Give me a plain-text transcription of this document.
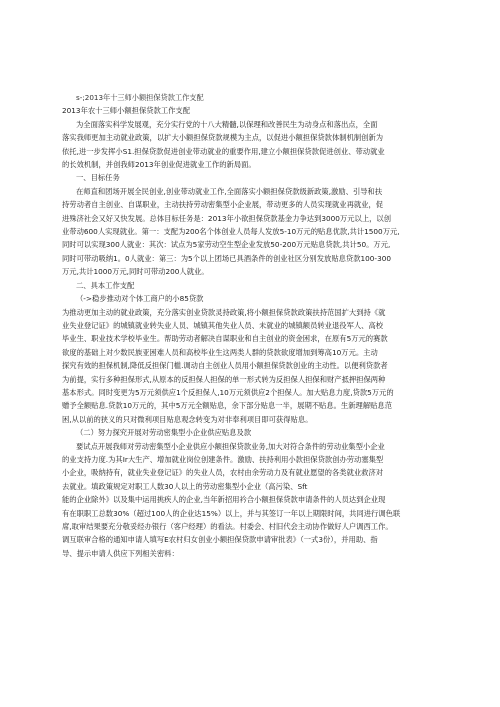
s-;2013年十三师小额担保贷款工作支配
2013年农十三师小额担保贷款工作支配
为全面落实科学发展观，充分实行党的十八大精髓,以保理和改善民生为动身点和落出点，全面
落实我师更加主动就业政策，以扩大小额担保贷款规模为主点，以促进小额担保贷款体制机制创新为
依托,进一步发挥小S1.担保贷款促进创业带动就业的重要作用,建立小额担保贷款促进创业、带动就业
的长效机制，并创我师2013年创业促进就业工作的新局面。
一、目标任务
在师直和团场开展全民创业,创业带动就业工作,全面落实小额担保贷款级新政策,激励、引导和扶
持劳动者自主创业、自谋职业，主动扶持劳动密集型小企业展，带动更多的人员实现就业再就业，促
进殊济社会又好又快发展。总体目标任务是：2013年小欲担保贷款基金力争达到3000万元以上，以创
业带动600人实现就业。第一：支配为200名个体创业人员每人发放5-10万元的贴息优款,共计1500万元,
同时可以实现300人就业：其次：试点为5家劳动空生型企业发放50-200万元贴息贷款,共计50。万元,
同时可带动吸纳1。0人就业：第三：为5个以上团场已具酒条件的创业社区分别发放贴息贷款100-300
万元,共计1000万元,同时可带动200人就业。
二、具本工作支配
（->稳步推动对个体工商户的小85贷款
为推动更加主动的就业政策，充分落实创业贷款灵持政策,将小额担保贷款政策扶持范国扩大到持《就
业失业登记证》的城镇就业转失业人员、城镇其他失业人员、未就业的城镇额员转业退役军人、高校
毕业生、职业技术学校毕业生。帮助劳动者解决自谋职业和自主创业的资金困求，在原有5万元的赛款
欲度的基础上对少数民族亚困难人员和高校毕业生这两类人群的贷款欲度增加到筹高10万元。主动
探究有效的担保机制,降低反担保门槛.调动自主创业人员用小额担保贷款创业的主动性。以便利贷款者
为前提，实行多种担保形式,从原本的反担保人担保的单一形式转为反担保人担保和财产抵押担保两种
基本形式。同时变更为5万元须供应1个反担保人,10万元须供应2个担保人。加大贴息力度,贷款5万元的
赠予全额贴息.贷款10万元的，其中5万元全额贴息，余下部分贴息一半，展期不贴息。生新理解贴息范
困,从以前的狭义的只对微利项目贴息观念转变为对非奉利项目即可获得贴息。
（二）努力探究开展对劳动密集型小企业供应贴息及款
要试点开展我师对劳动密集型小企业供应小额担保贷款业务,加大对符合条件的劳动业集型小企业
的业支持力度.为其Ir大生产、增加就业岗位创建条件。激励、扶持利用小款担保贷款创办劳动塞集型
小企业，吸纳持有，就业失业登记证》的失业人员，农村由余劳动力及有就业愿望的各类就业救济对
去就业。填政策规定对职工人数30人以上的劳动密集型小企业（高污染、Sft
能的企业除外》以及集中运用挑疾人的企业,当年新招用衿合小额担保贷款申请条件的人员达到企业现
有在职职工总数30%（超过100人的企业达15%）以上，并与其签订一年以上期限时间，共同进行调色联
席,取审结果要充分敬妥经办银行（客户经理）的看法。村委会、村旧代会主动协作做好人户调西工作。
调互联审合格的通知申请人填写E农村归女创业小额担保贷款申请审批表》（一式3份），并用助、指
导、提示申请人供应下列相关密料：
